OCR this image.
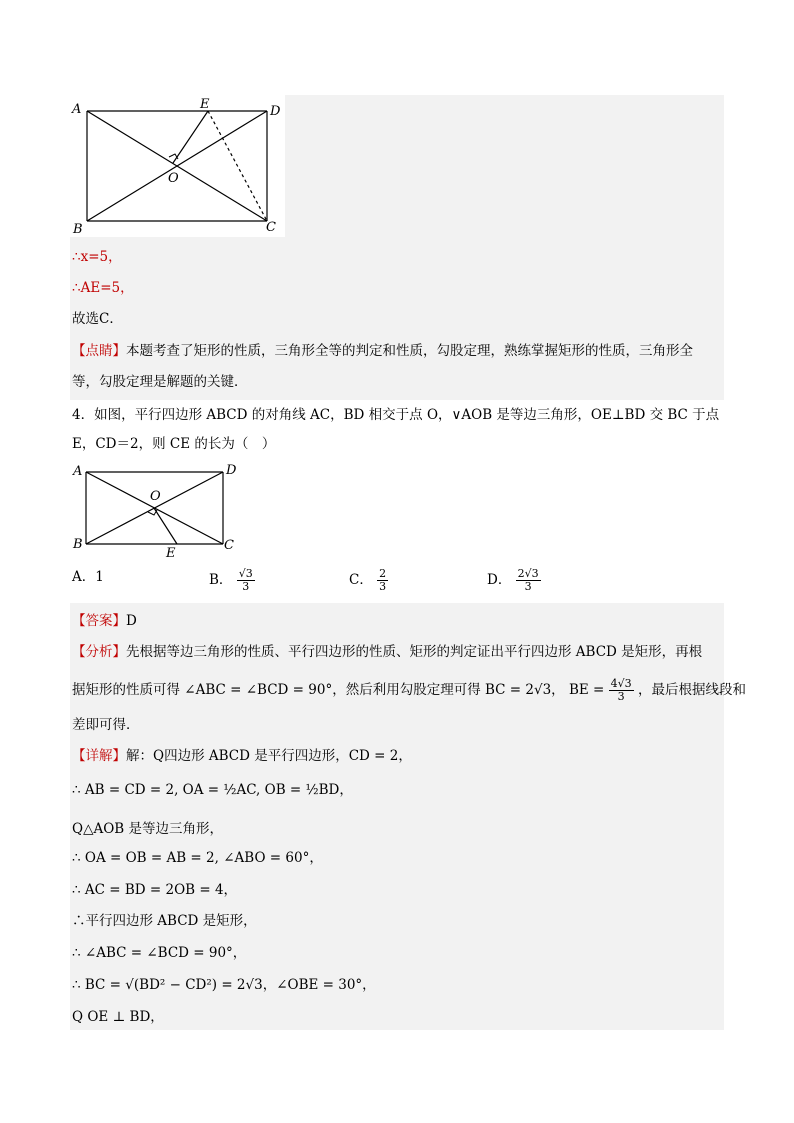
A	E	D
O
B	C
∴x=5，
∴AE=5，
故选C．
【点睛】本题考查了矩形的性质，三角形全等的判定和性质，勾股定理，熟练掌握矩形的性质，三角形全
等，勾股定理是解题的关键．
4．如图，平行四边形 ABCD 的对角线 AC，BD 相交于点 O，∨AOB 是等边三角形，OE⊥BD 交 BC 于点
E，CD＝2，则 CE 的长为（　）
A	D
O
B	C
E
A．1	B． $\frac{√3}{3}$	C． $\frac{2}{3}$	D． $\frac{2√3}{3}$
【答案】D
【分析】先根据等边三角形的性质、平行四边形的性质、矩形的判定证出平行四边形 ABCD 是矩形，再根
据矩形的性质可得 ∠ABC = ∠BCD = 90°，然后利用勾股定理可得 BC = 2√3， BE = $\frac{4√3}{3}$ ，最后根据线段和
差即可得．
【详解】解：Q四边形 ABCD 是平行四边形，CD = 2，
∴ AB = CD = 2, OA = ½AC, OB = ½BD，
Q△AOB 是等边三角形，
∴ OA = OB = AB = 2, ∠ABO = 60°，
∴ AC = BD = 2OB = 4，
∴平行四边形 ABCD 是矩形，
∴ ∠ABC = ∠BCD = 90°，
∴ BC = √(BD² − CD²) = 2√3，∠OBE = 30°，
Q OE ⊥ BD，
